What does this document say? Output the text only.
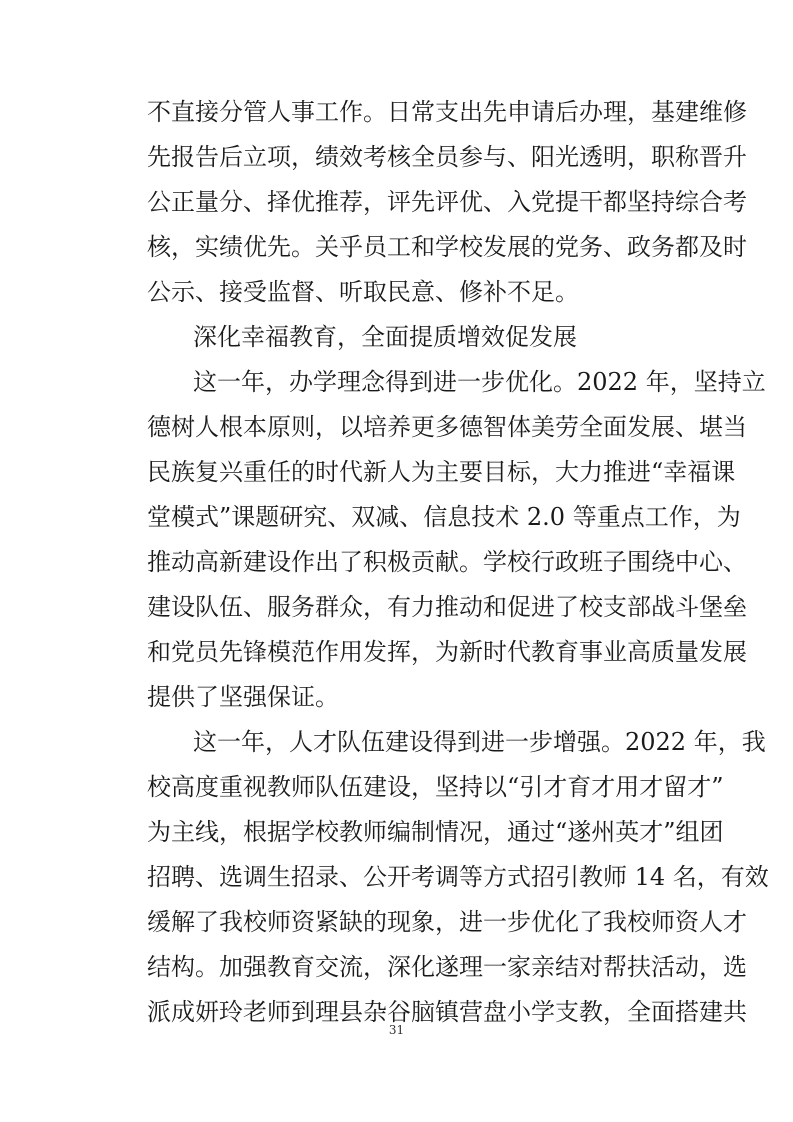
不直接分管人事工作。日常支出先申请后办理，基建维修
先报告后立项，绩效考核全员参与、阳光透明，职称晋升
公正量分、择优推荐，评先评优、入党提干都坚持综合考
核，实绩优先。关乎员工和学校发展的党务、政务都及时
公示、接受监督、听取民意、修补不足。
深化幸福教育，全面提质增效促发展
这一年，办学理念得到进一步优化。2022 年，坚持立
德树人根本原则，以培养更多德智体美劳全面发展、堪当
民族复兴重任的时代新人为主要目标，大力推进“幸福课
堂模式”课题研究、双减、信息技术 2.0 等重点工作，为
推动高新建设作出了积极贡献。学校行政班子围绕中心、
建设队伍、服务群众，有力推动和促进了校支部战斗堡垒
和党员先锋模范作用发挥，为新时代教育事业高质量发展
提供了坚强保证。
这一年，人才队伍建设得到进一步增强。2022 年，我
校高度重视教师队伍建设，坚持以“引才育才用才留才”
为主线，根据学校教师编制情况，通过“遂州英才”组团
招聘、选调生招录、公开考调等方式招引教师 14 名，有效
缓解了我校师资紧缺的现象，进一步优化了我校师资人才
结构。加强教育交流，深化遂理一家亲结对帮扶活动，选
派成妍玲老师到理县杂谷脑镇营盘小学支教，全面搭建共
31
